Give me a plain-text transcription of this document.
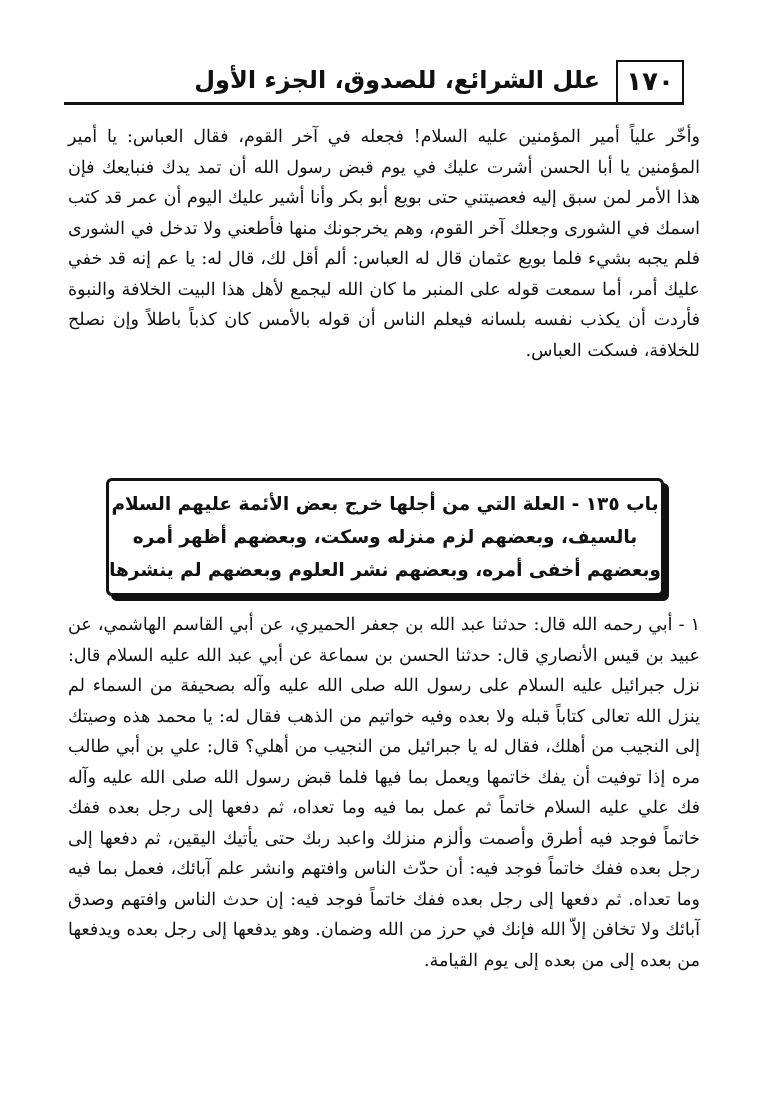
١٧٠
علل الشرائع، للصدوق، الجزء الأول
وأخّر علياً أمير المؤمنين عليه السلام! فجعله في آخر القوم، فقال العباس: يا أمير المؤمنين يا أبا الحسن أشرت عليك في يوم قبض رسول الله أن تمد يدك فنبايعك فإن هذا الأمر لمن سبق إليه فعصيتني حتى بويع أبو بكر وأنا أشير عليك اليوم أن عمر قد كتب اسمك في الشورى وجعلك آخر القوم، وهم يخرجونك منها فأطعني ولا تدخل في الشورى فلم يجبه بشيء فلما بويع عثمان قال له العباس: ألم أقل لك، قال له: يا عم إنه قد خفي عليك أمر، أما سمعت قوله على المنبر ما كان الله ليجمع لأهل هذا البيت الخلافة والنبوة فأردت أن يكذب نفسه بلسانه فيعلم الناس أن قوله بالأمس كان كذباً باطلاً وإن نصلح للخلافة، فسكت العباس.
باب ١٣٥ - العلة التي من أجلها خرج بعض الأئمة عليهم السلام
بالسيف، وبعضهم لزم منزله وسكت، وبعضهم أظهر أمره
وبعضهم أخفى أمره، وبعضهم نشر العلوم وبعضهم لم ينشرها
١ - أبي رحمه الله قال: حدثنا عبد الله بن جعفر الحميري، عن أبي القاسم الهاشمي، عن عبيد بن قيس الأنصاري قال: حدثنا الحسن بن سماعة عن أبي عبد الله عليه السلام قال: نزل جبرائيل عليه السلام على رسول الله صلى الله عليه وآله بصحيفة من السماء لم ينزل الله تعالى كتاباً قبله ولا بعده وفيه خواتيم من الذهب فقال له: يا محمد هذه وصيتك إلى النجيب من أهلك، فقال له يا جبرائيل من النجيب من أهلي؟ قال: علي بن أبي طالب مره إذا توفيت أن يفك خاتمها ويعمل بما فيها فلما قبض رسول الله صلى الله عليه وآله فك علي عليه السلام خاتماً ثم عمل بما فيه وما تعداه، ثم دفعها إلى رجل بعده ففك خاتماً فوجد فيه أطرق وأصمت وألزم منزلك واعبد ربك حتى يأتيك اليقين، ثم دفعها إلى رجل بعده ففك خاتماً فوجد فيه: أن حدّث الناس وافتهم وانشر علم آبائك، فعمل بما فيه وما تعداه. ثم دفعها إلى رجل بعده ففك خاتماً فوجد فيه: إن حدث الناس وافتهم وصدق آبائك ولا تخافن إلاّ الله فإنك في حرز من الله وضمان. وهو يدفعها إلى رجل بعده ويدفعها من بعده إلى من بعده إلى يوم القيامة.
